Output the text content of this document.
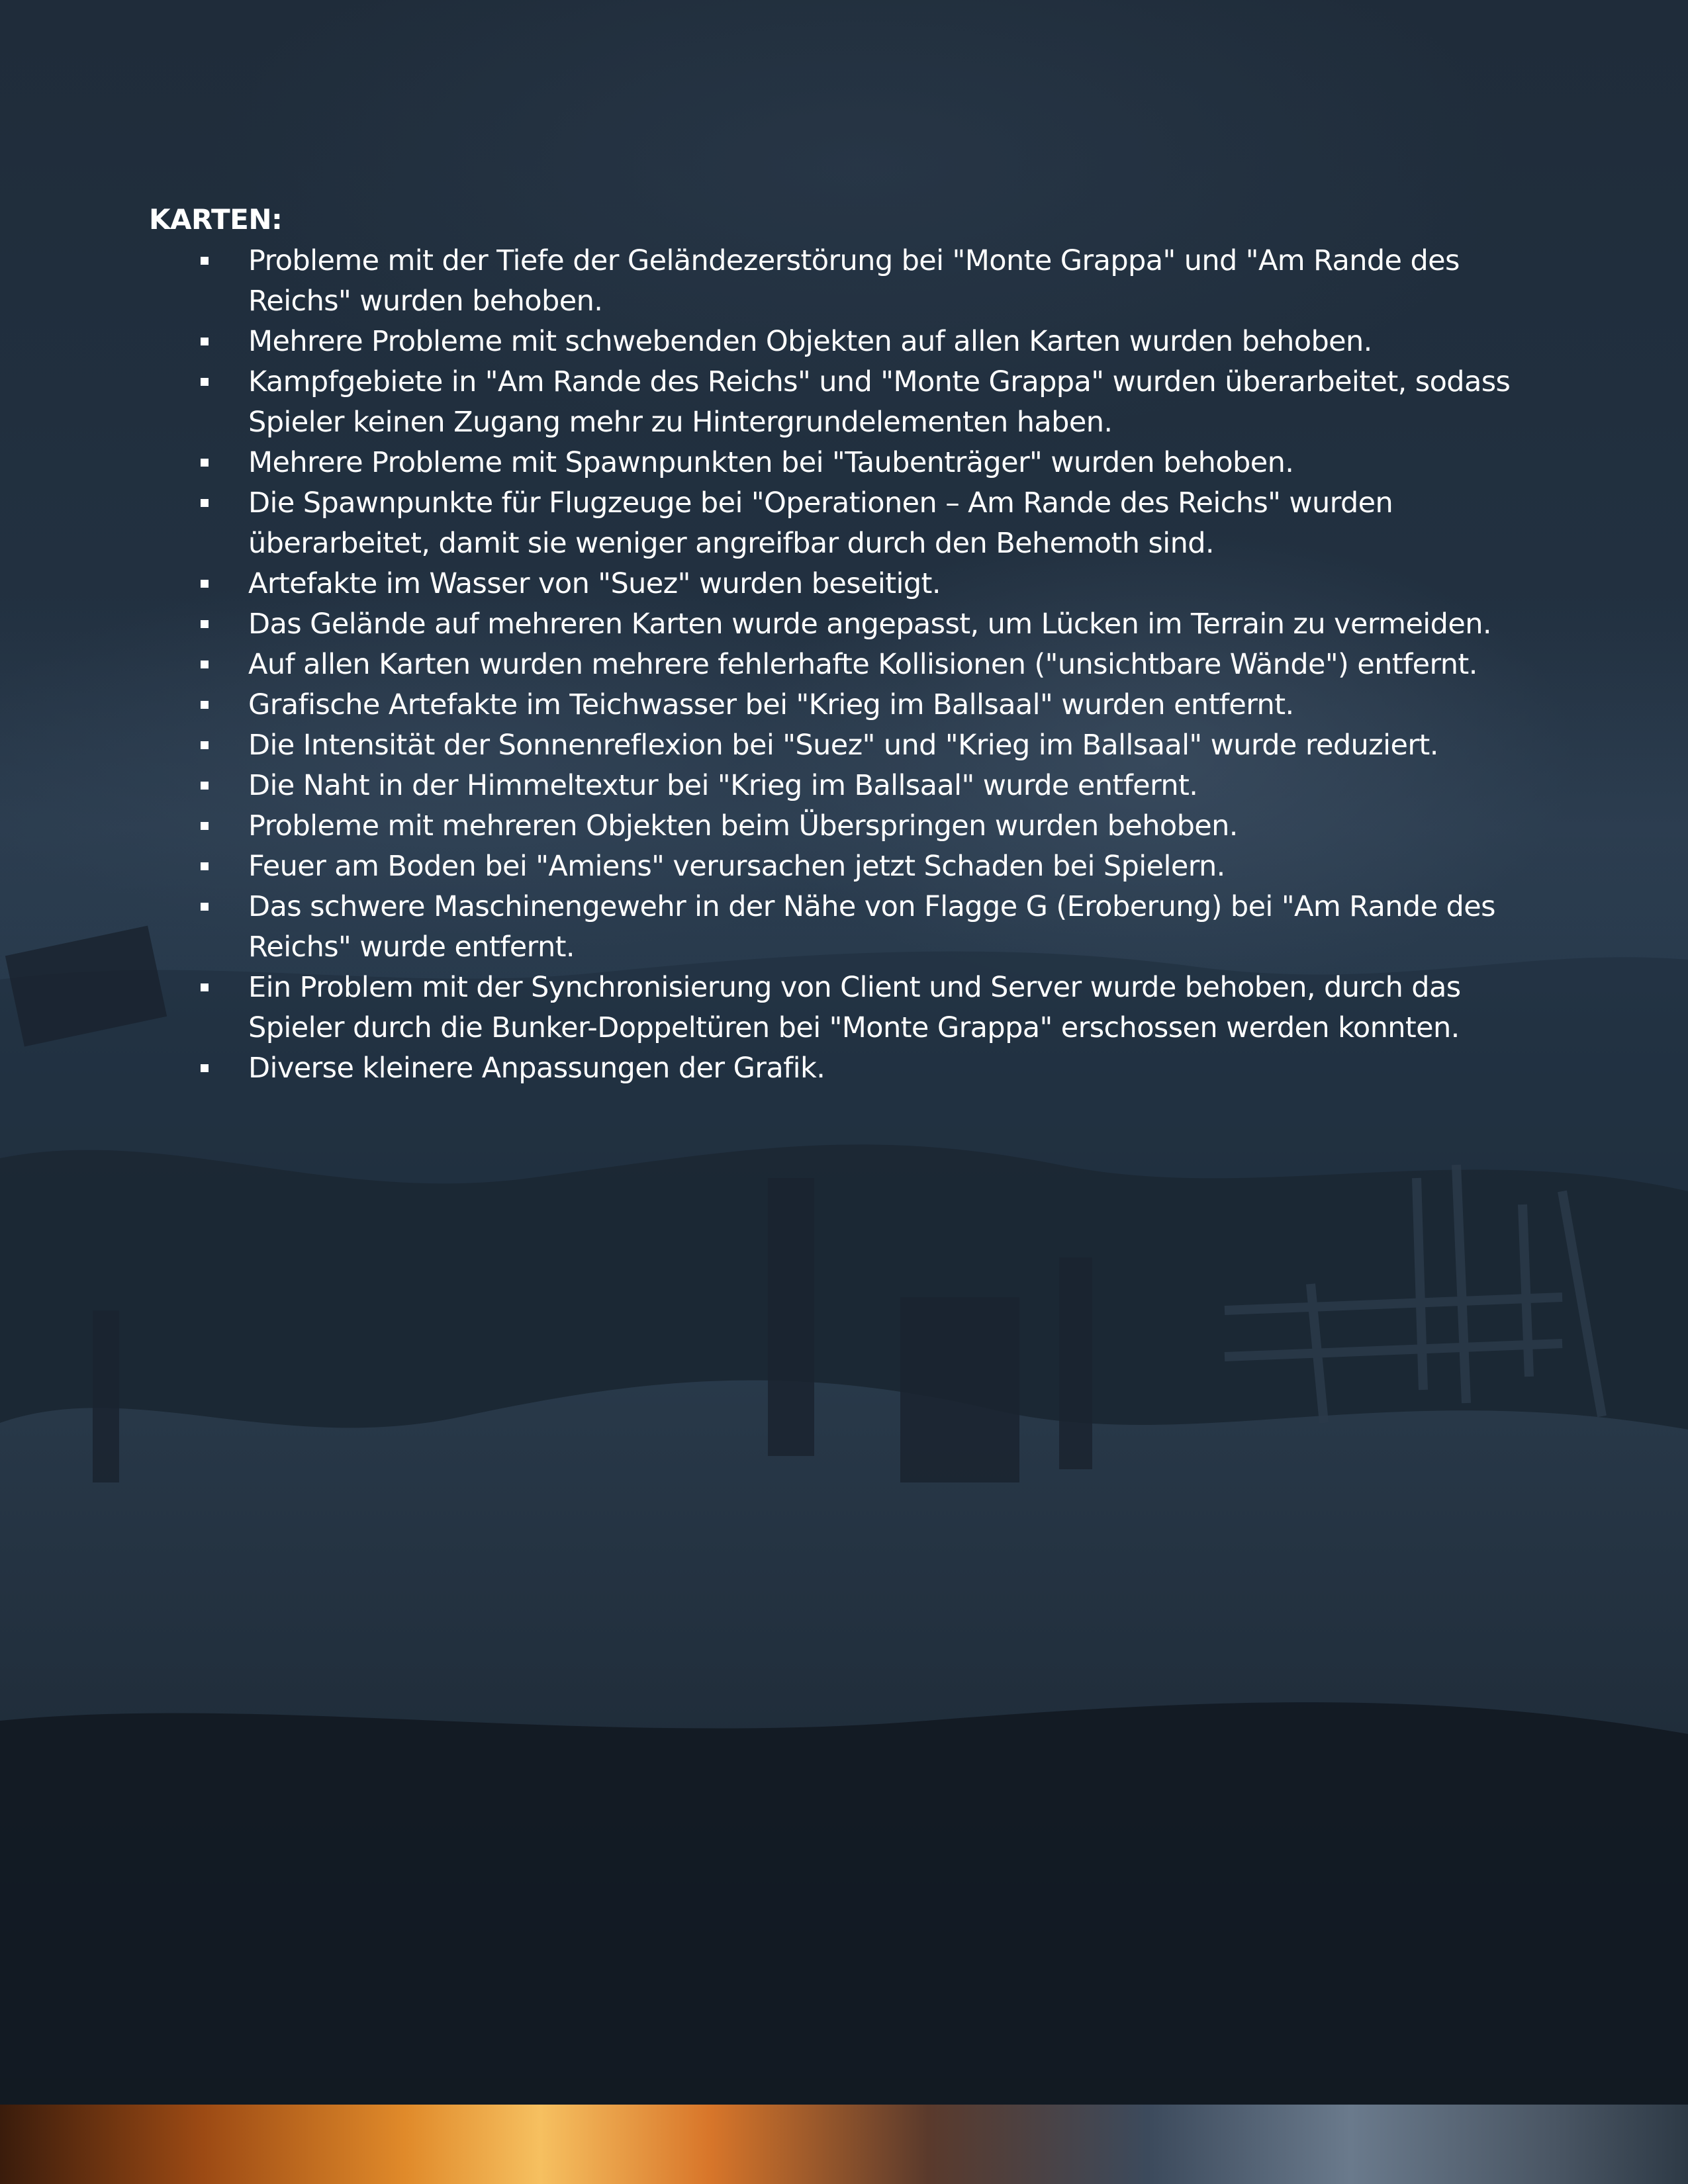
KARTEN:
Probleme mit der Tiefe der Geländezerstörung bei "Monte Grappa" und "Am Rande des Reichs" wurden behoben.
Mehrere Probleme mit schwebenden Objekten auf allen Karten wurden behoben.
Kampfgebiete in "Am Rande des Reichs" und "Monte Grappa" wurden überarbeitet, sodass Spieler keinen Zugang mehr zu Hintergrundelementen haben.
Mehrere Probleme mit Spawnpunkten bei "Taubenträger" wurden behoben.
Die Spawnpunkte für Flugzeuge bei "Operationen – Am Rande des Reichs" wurden überarbeitet, damit sie weniger angreifbar durch den Behemoth sind.
Artefakte im Wasser von "Suez" wurden beseitigt.
Das Gelände auf mehreren Karten wurde angepasst, um Lücken im Terrain zu vermeiden.
Auf allen Karten wurden mehrere fehlerhafte Kollisionen ("unsichtbare Wände") entfernt.
Grafische Artefakte im Teichwasser bei "Krieg im Ballsaal" wurden entfernt.
Die Intensität der Sonnenreflexion bei "Suez" und "Krieg im Ballsaal" wurde reduziert.
Die Naht in der Himmeltextur bei "Krieg im Ballsaal" wurde entfernt.
Probleme mit mehreren Objekten beim Überspringen wurden behoben.
Feuer am Boden bei "Amiens" verursachen jetzt Schaden bei Spielern.
Das schwere Maschinengewehr in der Nähe von Flagge G (Eroberung) bei "Am Rande des Reichs" wurde entfernt.
Ein Problem mit der Synchronisierung von Client und Server wurde behoben, durch das Spieler durch die Bunker-Doppeltüren bei "Monte Grappa" erschossen werden konnten.
Diverse kleinere Anpassungen der Grafik.
